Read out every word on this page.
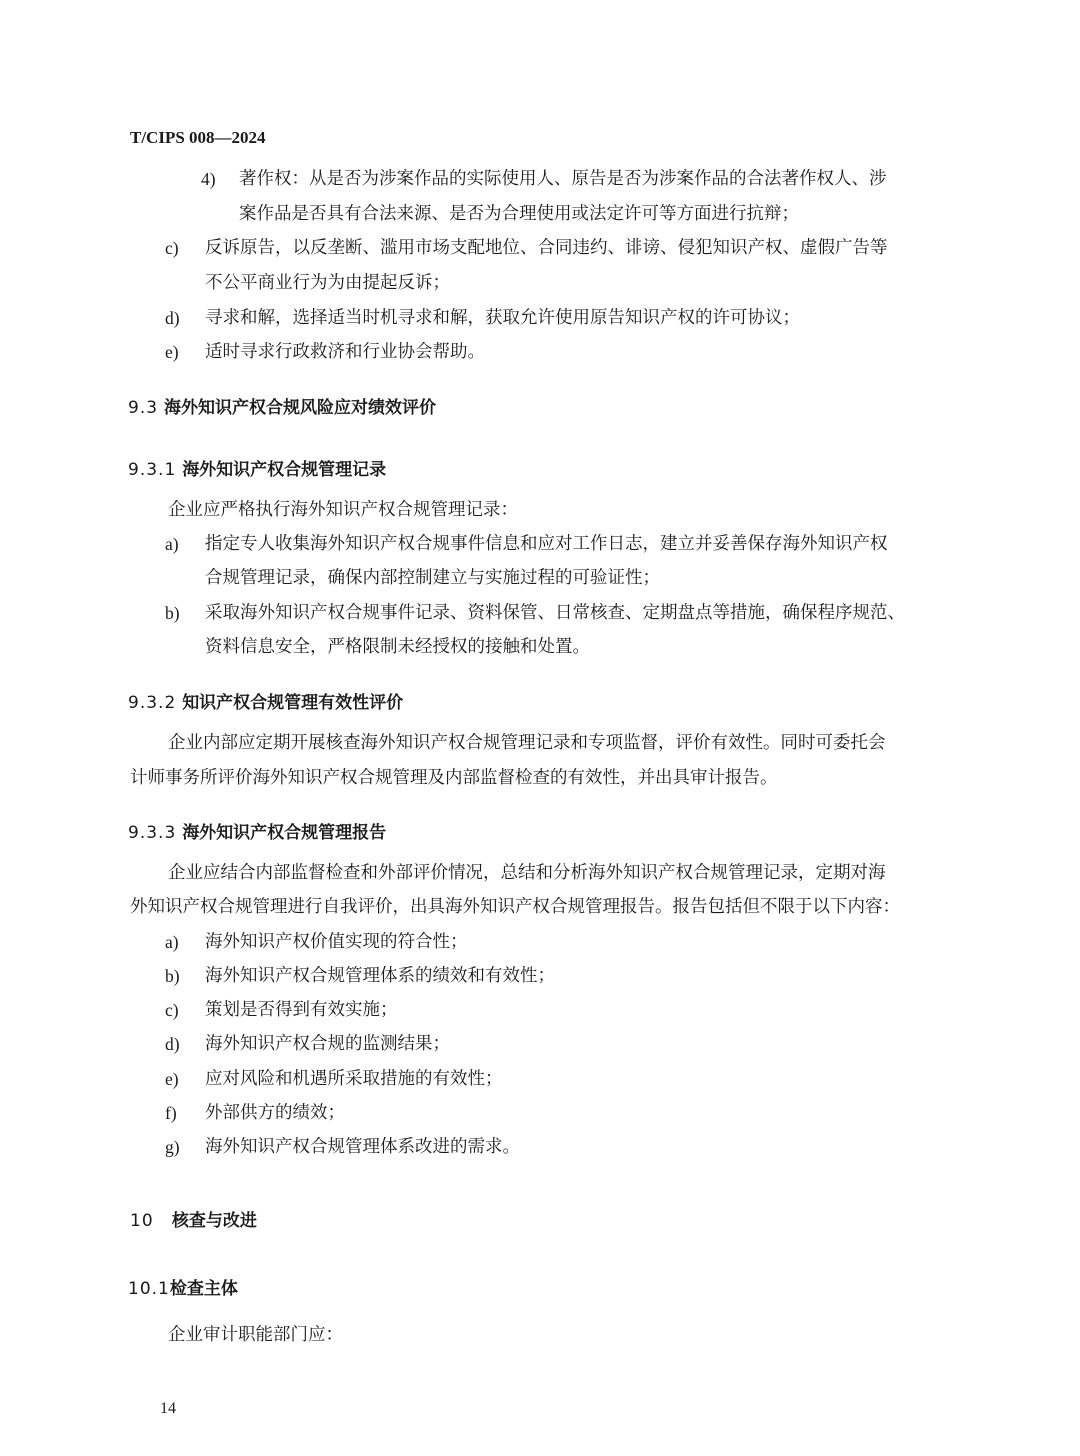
T/CIPS 008—2024
4) 著作权：从是否为涉案作品的实际使用人、原告是否为涉案作品的合法著作权人、涉
案作品是否具有合法来源、是否为合理使用或法定许可等方面进行抗辩；
c) 反诉原告，以反垄断、滥用市场支配地位、合同违约、诽谤、侵犯知识产权、虚假广告等
不公平商业行为为由提起反诉；
d) 寻求和解，选择适当时机寻求和解，获取允许使用原告知识产权的许可协议；
e) 适时寻求行政救济和行业协会帮助。
9.3 海外知识产权合规风险应对绩效评价
9.3.1 海外知识产权合规管理记录
企业应严格执行海外知识产权合规管理记录：
a) 指定专人收集海外知识产权合规事件信息和应对工作日志，建立并妥善保存海外知识产权
合规管理记录，确保内部控制建立与实施过程的可验证性；
b) 采取海外知识产权合规事件记录、资料保管、日常核查、定期盘点等措施，确保程序规范、
资料信息安全，严格限制未经授权的接触和处置。
9.3.2 知识产权合规管理有效性评价
企业内部应定期开展核查海外知识产权合规管理记录和专项监督，评价有效性。同时可委托会
计师事务所评价海外知识产权合规管理及内部监督检查的有效性，并出具审计报告。
9.3.3 海外知识产权合规管理报告
企业应结合内部监督检查和外部评价情况，总结和分析海外知识产权合规管理记录，定期对海
外知识产权合规管理进行自我评价，出具海外知识产权合规管理报告。报告包括但不限于以下内容：
a) 海外知识产权价值实现的符合性；
b) 海外知识产权合规管理体系的绩效和有效性；
c) 策划是否得到有效实施；
d) 海外知识产权合规的监测结果；
e) 应对风险和机遇所采取措施的有效性；
f) 外部供方的绩效；
g) 海外知识产权合规管理体系改进的需求。
10 核查与改进
10.1检查主体
企业审计职能部门应：
14
